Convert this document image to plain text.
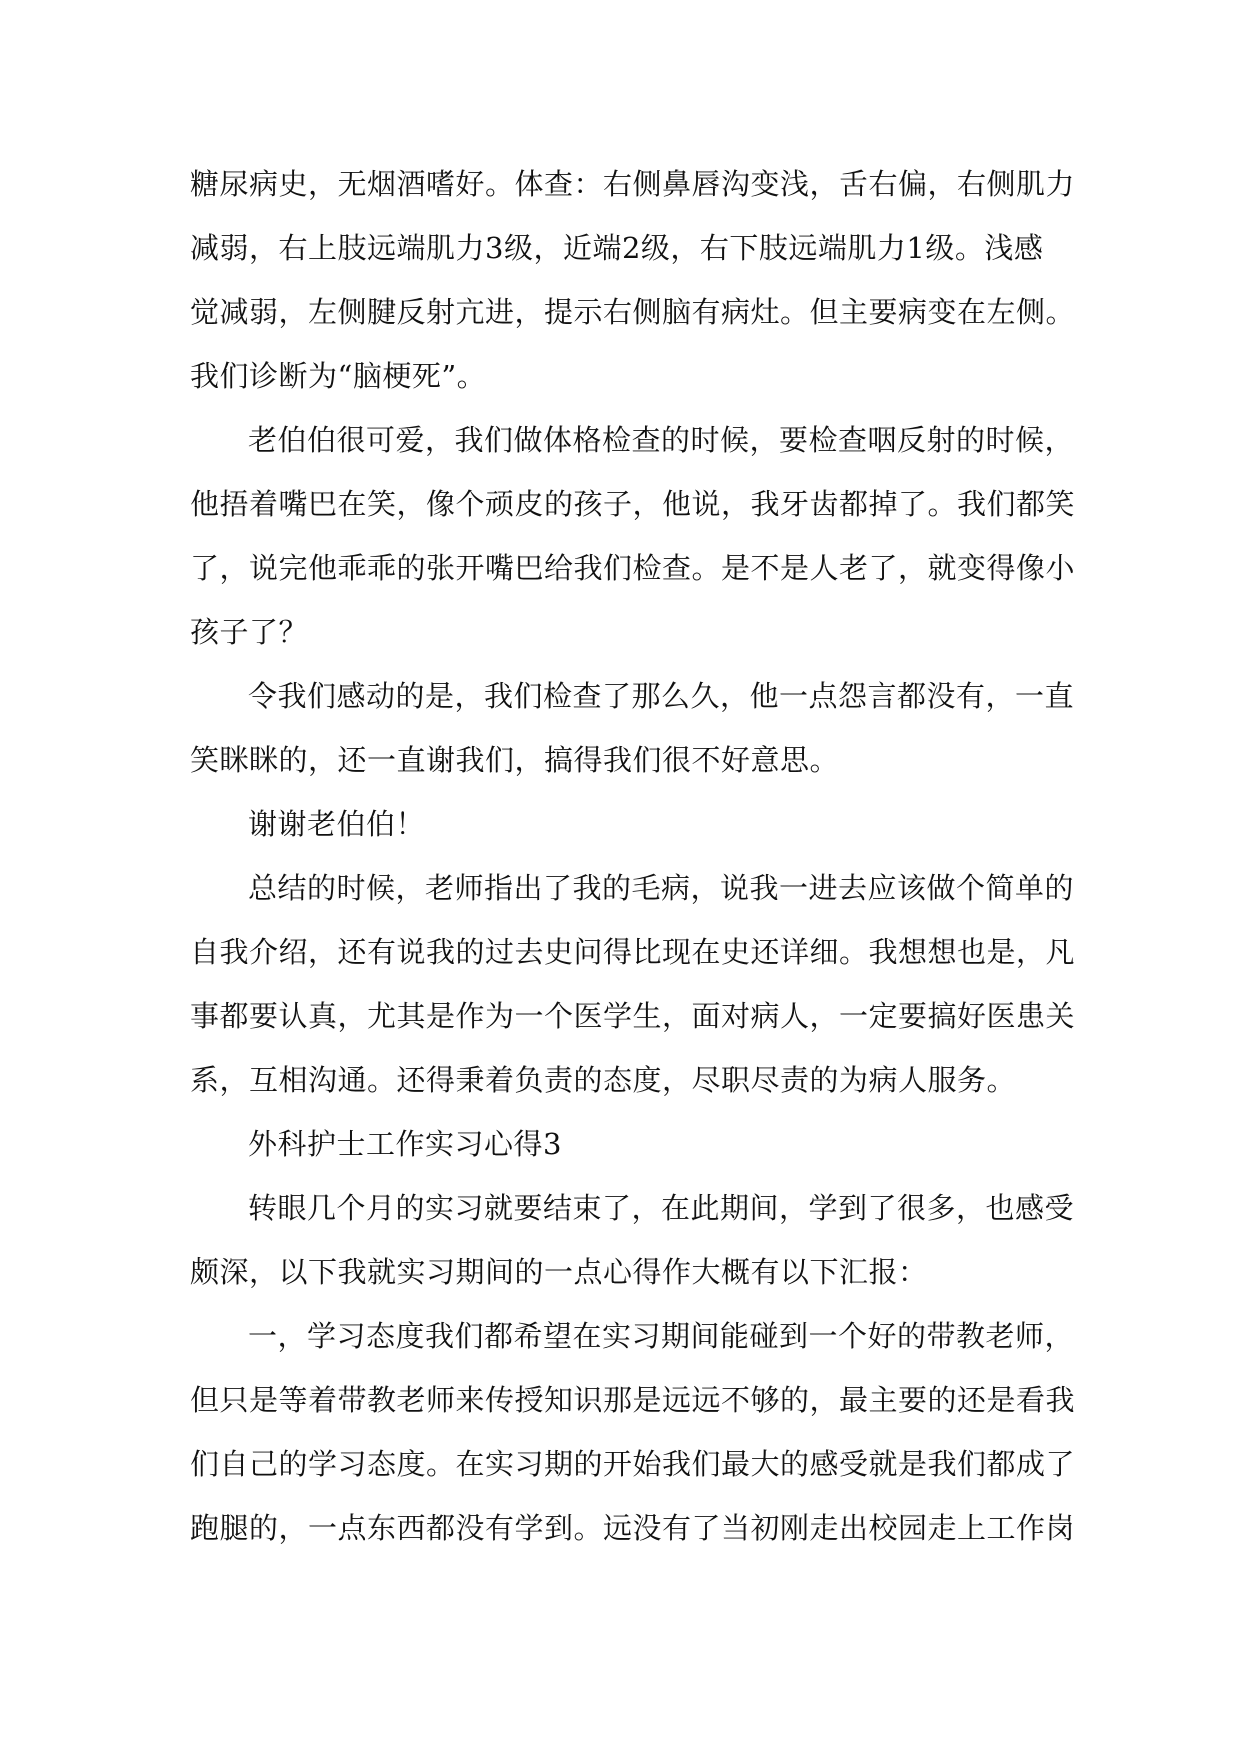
糖尿病史，无烟酒嗜好。体查：右侧鼻唇沟变浅，舌右偏，右侧肌力
减弱，右上肢远端肌力3级，近端2级，右下肢远端肌力1级。浅感
觉减弱，左侧腱反射亢进，提示右侧脑有病灶。但主要病变在左侧。
我们诊断为“脑梗死”。
老伯伯很可爱，我们做体格检查的时候，要检查咽反射的时候，
他捂着嘴巴在笑，像个顽皮的孩子，他说，我牙齿都掉了。我们都笑
了，说完他乖乖的张开嘴巴给我们检查。是不是人老了，就变得像小
孩子了？
令我们感动的是，我们检查了那么久，他一点怨言都没有，一直
笑眯眯的，还一直谢我们，搞得我们很不好意思。
谢谢老伯伯！
总结的时候，老师指出了我的毛病，说我一进去应该做个简单的
自我介绍，还有说我的过去史问得比现在史还详细。我想想也是，凡
事都要认真，尤其是作为一个医学生，面对病人，一定要搞好医患关
系，互相沟通。还得秉着负责的态度，尽职尽责的为病人服务。
外科护士工作实习心得3
转眼几个月的实习就要结束了，在此期间，学到了很多，也感受
颇深，以下我就实习期间的一点心得作大概有以下汇报：
一，学习态度我们都希望在实习期间能碰到一个好的带教老师，
但只是等着带教老师来传授知识那是远远不够的，最主要的还是看我
们自己的学习态度。在实习期的开始我们最大的感受就是我们都成了
跑腿的，一点东西都没有学到。远没有了当初刚走出校园走上工作岗
